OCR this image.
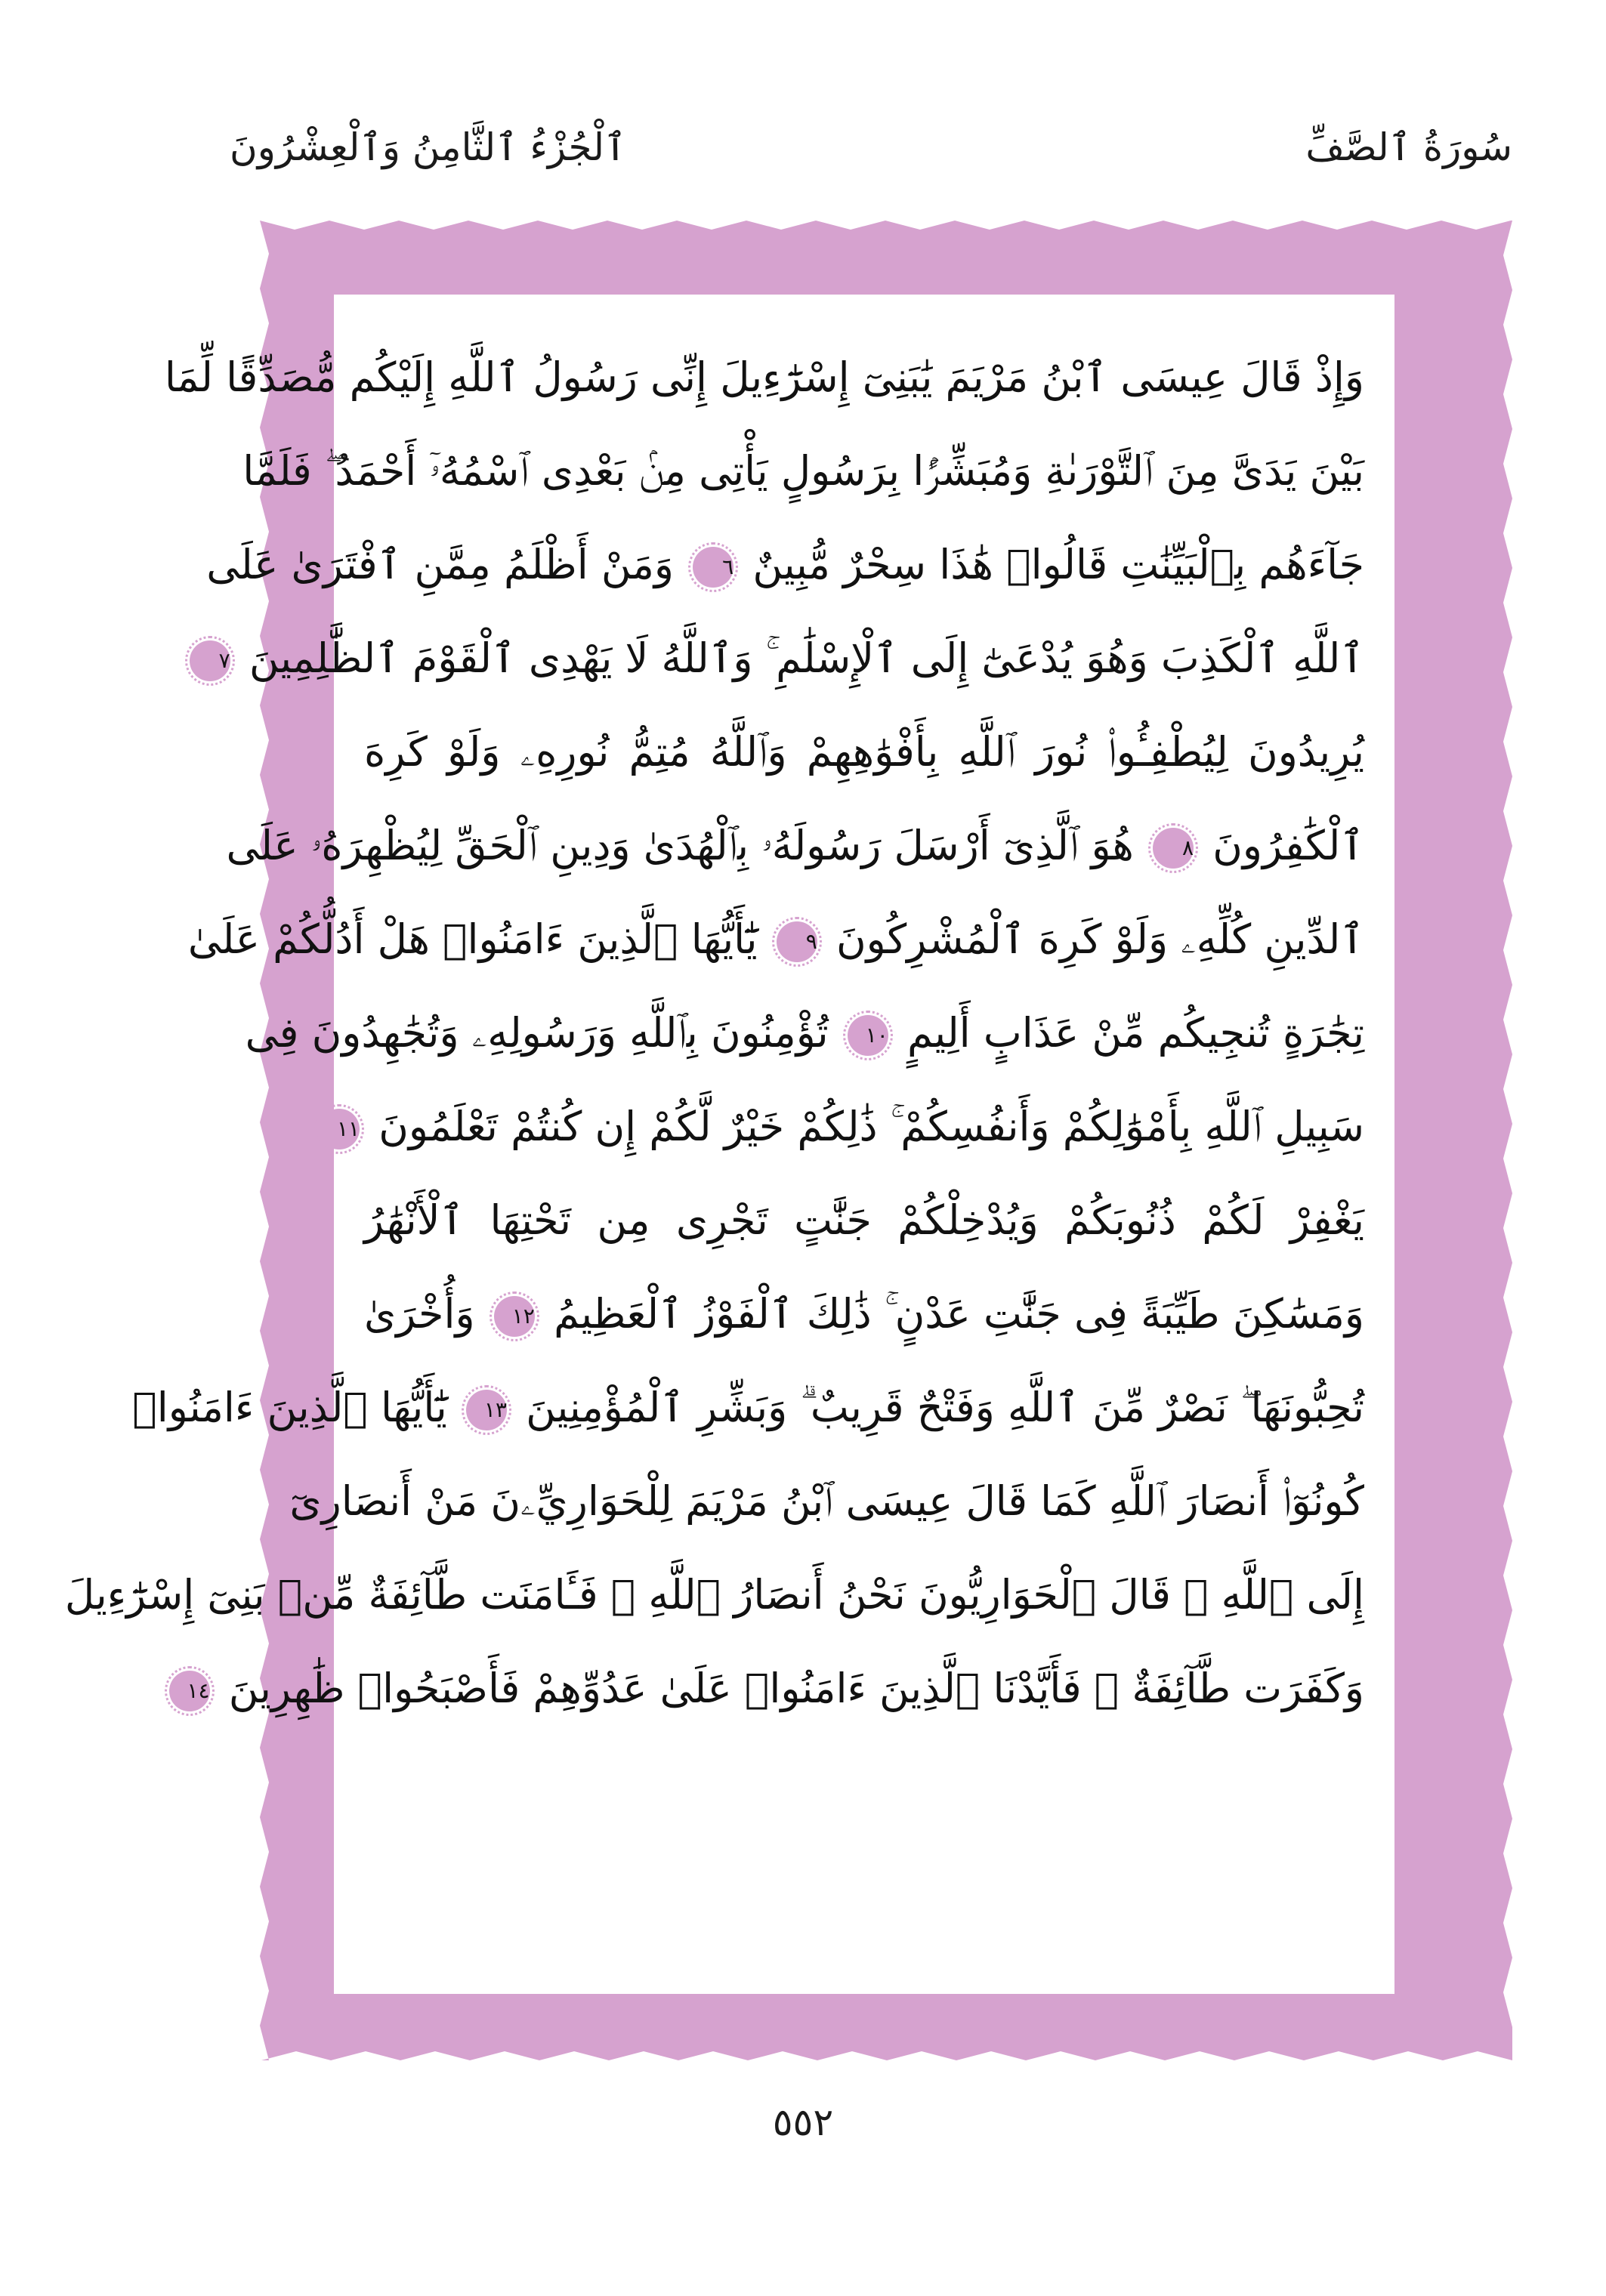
سُورَةُ ٱلصَّفِّ
ٱلْجُزْءُ ٱلثَّامِنُ وَٱلْعِشْرُونَ
وَإِذْ قَالَ عِيسَى ٱبْنُ مَرْيَمَ يَٰبَنِىٓ إِسْرَٰٓءِيلَ إِنِّى رَسُولُ ٱللَّهِ إِلَيْكُم مُّصَدِّقًا لِّمَا
بَيْنَ يَدَىَّ مِنَ ٱلتَّوْرَىٰةِ وَمُبَشِّرًۢا بِرَسُولٍ يَأْتِى مِنۢ بَعْدِى ٱسْمُهُۥٓ أَحْمَدُ ۖ فَلَمَّا
جَآءَهُم بِٱلْبَيِّنَٰتِ قَالُوا۟ هَٰذَا سِحْرٌ مُّبِينٌ ٦ وَمَنْ أَظْلَمُ مِمَّنِ ٱفْتَرَىٰ عَلَى
ٱللَّهِ ٱلْكَذِبَ وَهُوَ يُدْعَىٰٓ إِلَى ٱلْإِسْلَٰمِ ۚ وَٱللَّهُ لَا يَهْدِى ٱلْقَوْمَ ٱلظَّٰلِمِينَ ٧
يُرِيدُونَ لِيُطْفِـُٔوا۟ نُورَ ٱللَّهِ بِأَفْوَٰهِهِمْ وَٱللَّهُ مُتِمُّ نُورِهِۦ وَلَوْ كَرِهَ
ٱلْكَٰفِرُونَ ٨ هُوَ ٱلَّذِىٓ أَرْسَلَ رَسُولَهُۥ بِٱلْهُدَىٰ وَدِينِ ٱلْحَقِّ لِيُظْهِرَهُۥ عَلَى
ٱلدِّينِ كُلِّهِۦ وَلَوْ كَرِهَ ٱلْمُشْرِكُونَ ٩ يَٰٓأَيُّهَا ٱلَّذِينَ ءَامَنُوا۟ هَلْ أَدُلُّكُمْ عَلَىٰ
تِجَٰرَةٍ تُنجِيكُم مِّنْ عَذَابٍ أَلِيمٍ ١٠ تُؤْمِنُونَ بِٱللَّهِ وَرَسُولِهِۦ وَتُجَٰهِدُونَ فِى
سَبِيلِ ٱللَّهِ بِأَمْوَٰلِكُمْ وَأَنفُسِكُمْ ۚ ذَٰلِكُمْ خَيْرٌ لَّكُمْ إِن كُنتُمْ تَعْلَمُونَ ١١
يَغْفِرْ لَكُمْ ذُنُوبَكُمْ وَيُدْخِلْكُمْ جَنَّٰتٍ تَجْرِى مِن تَحْتِهَا ٱلْأَنْهَٰرُ
وَمَسَٰكِنَ طَيِّبَةً فِى جَنَّٰتِ عَدْنٍ ۚ ذَٰلِكَ ٱلْفَوْزُ ٱلْعَظِيمُ ١٢ وَأُخْرَىٰ
تُحِبُّونَهَا ۖ نَصْرٌ مِّنَ ٱللَّهِ وَفَتْحٌ قَرِيبٌ ۗ وَبَشِّرِ ٱلْمُؤْمِنِينَ ١٣ يَٰٓأَيُّهَا ٱلَّذِينَ ءَامَنُوا۟
كُونُوٓا۟ أَنصَارَ ٱللَّهِ كَمَا قَالَ عِيسَى ٱبْنُ مَرْيَمَ لِلْحَوَارِيِّۦنَ مَنْ أَنصَارِىٓ
إِلَى ٱللَّهِ ۖ قَالَ ٱلْحَوَارِيُّونَ نَحْنُ أَنصَارُ ٱللَّهِ ۖ فَـَٔامَنَت طَّآئِفَةٌ مِّنۢ بَنِىٓ إِسْرَٰٓءِيلَ
وَكَفَرَت طَّآئِفَةٌ ۖ فَأَيَّدْنَا ٱلَّذِينَ ءَامَنُوا۟ عَلَىٰ عَدُوِّهِمْ فَأَصْبَحُوا۟ ظَٰهِرِينَ ١٤
٥٥٢
